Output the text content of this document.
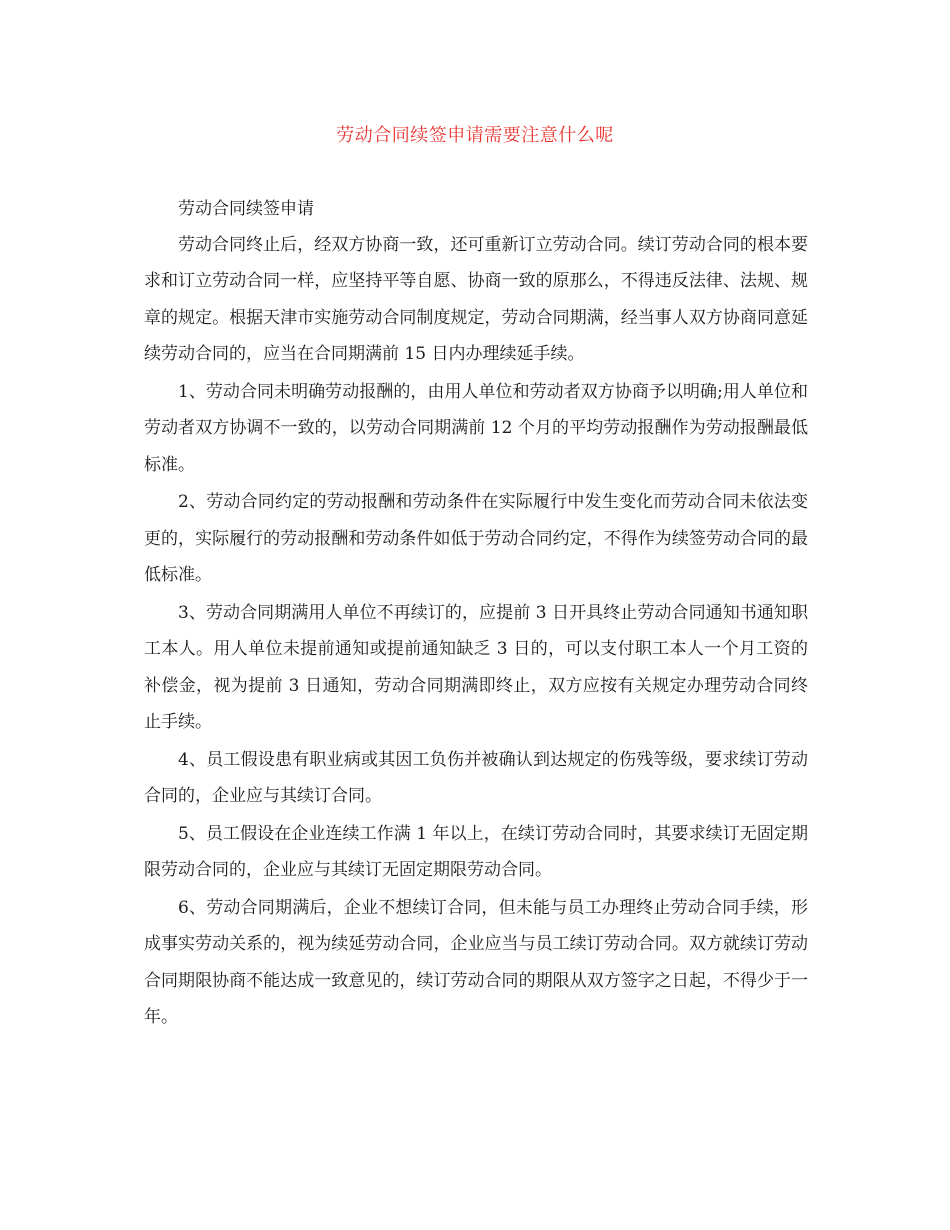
劳动合同续签申请需要注意什么呢

劳动合同续签申请

劳动合同终止后，经双方协商一致，还可重新订立劳动合同。续订劳动合同的根本要求和订立劳动合同一样，应坚持平等自愿、协商一致的原那么，不得违反法律、法规、规章的规定。根据天津市实施劳动合同制度规定，劳动合同期满，经当事人双方协商同意延续劳动合同的，应当在合同期满前 15 日内办理续延手续。

1、劳动合同未明确劳动报酬的，由用人单位和劳动者双方协商予以明确;用人单位和劳动者双方协调不一致的，以劳动合同期满前 12 个月的平均劳动报酬作为劳动报酬最低标准。

2、劳动合同约定的劳动报酬和劳动条件在实际履行中发生变化而劳动合同未依法变更的，实际履行的劳动报酬和劳动条件如低于劳动合同约定，不得作为续签劳动合同的最低标准。

3、劳动合同期满用人单位不再续订的，应提前 3 日开具终止劳动合同通知书通知职工本人。用人单位未提前通知或提前通知缺乏 3 日的，可以支付职工本人一个月工资的补偿金，视为提前 3 日通知，劳动合同期满即终止，双方应按有关规定办理劳动合同终止手续。

4、员工假设患有职业病或其因工负伤并被确认到达规定的伤残等级，要求续订劳动合同的，企业应与其续订合同。

5、员工假设在企业连续工作满 1 年以上，在续订劳动合同时，其要求续订无固定期限劳动合同的，企业应与其续订无固定期限劳动合同。

6、劳动合同期满后，企业不想续订合同，但未能与员工办理终止劳动合同手续，形成事实劳动关系的，视为续延劳动合同，企业应当与员工续订劳动合同。双方就续订劳动合同期限协商不能达成一致意见的，续订劳动合同的期限从双方签字之日起，不得少于一年。
